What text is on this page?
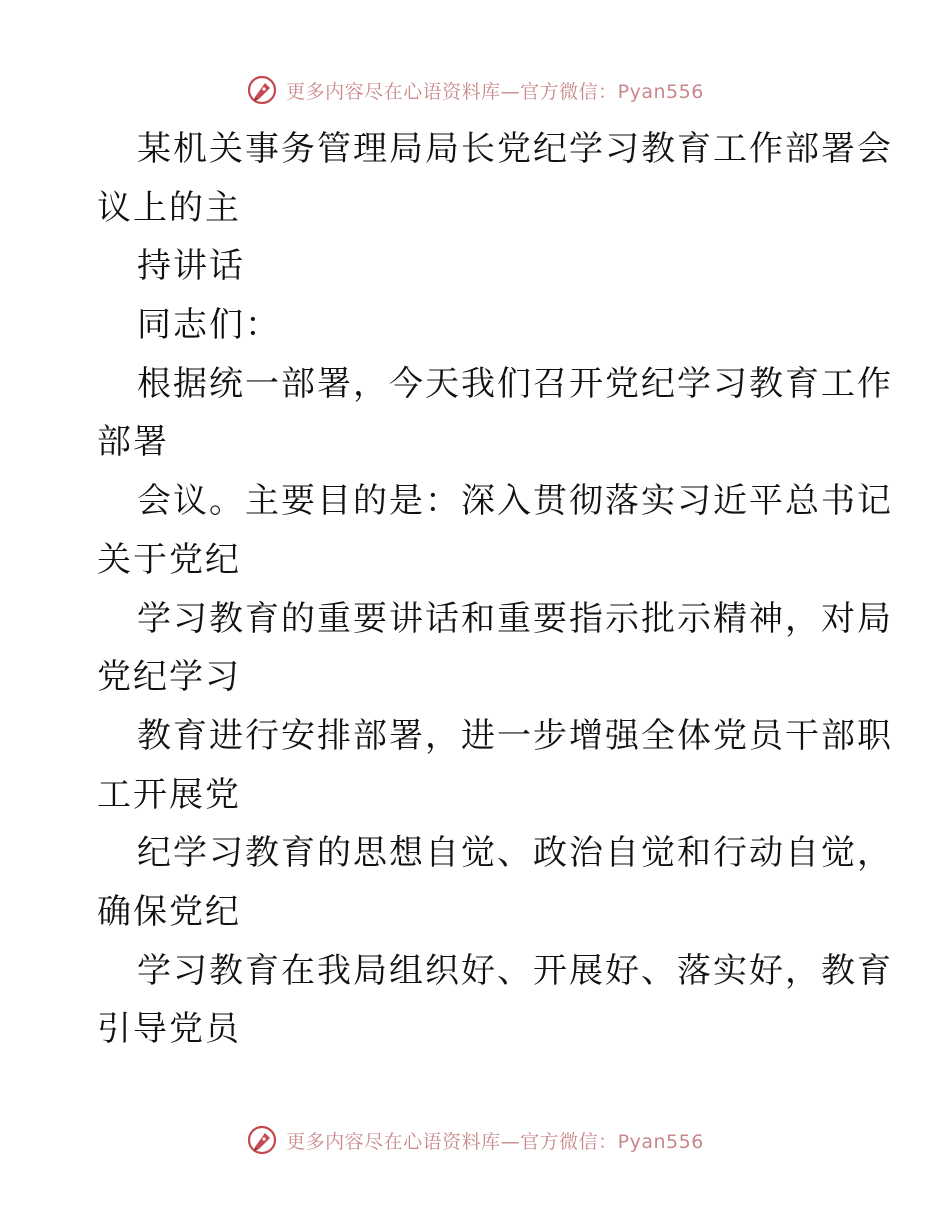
更多内容尽在心语资料库—官方微信：Pyan556
某机关事务管理局局长党纪学习教育工作部署会
议上的主
持讲话
同志们：
根据统一部署，今天我们召开党纪学习教育工作
部署
会议。主要目的是：深入贯彻落实习近平总书记
关于党纪
学习教育的重要讲话和重要指示批示精神，对局
党纪学习
教育进行安排部署，进一步增强全体党员干部职
工开展党
纪学习教育的思想自觉、政治自觉和行动自觉，
确保党纪
学习教育在我局组织好、开展好、落实好，教育
引导党员
更多内容尽在心语资料库—官方微信：Pyan556
